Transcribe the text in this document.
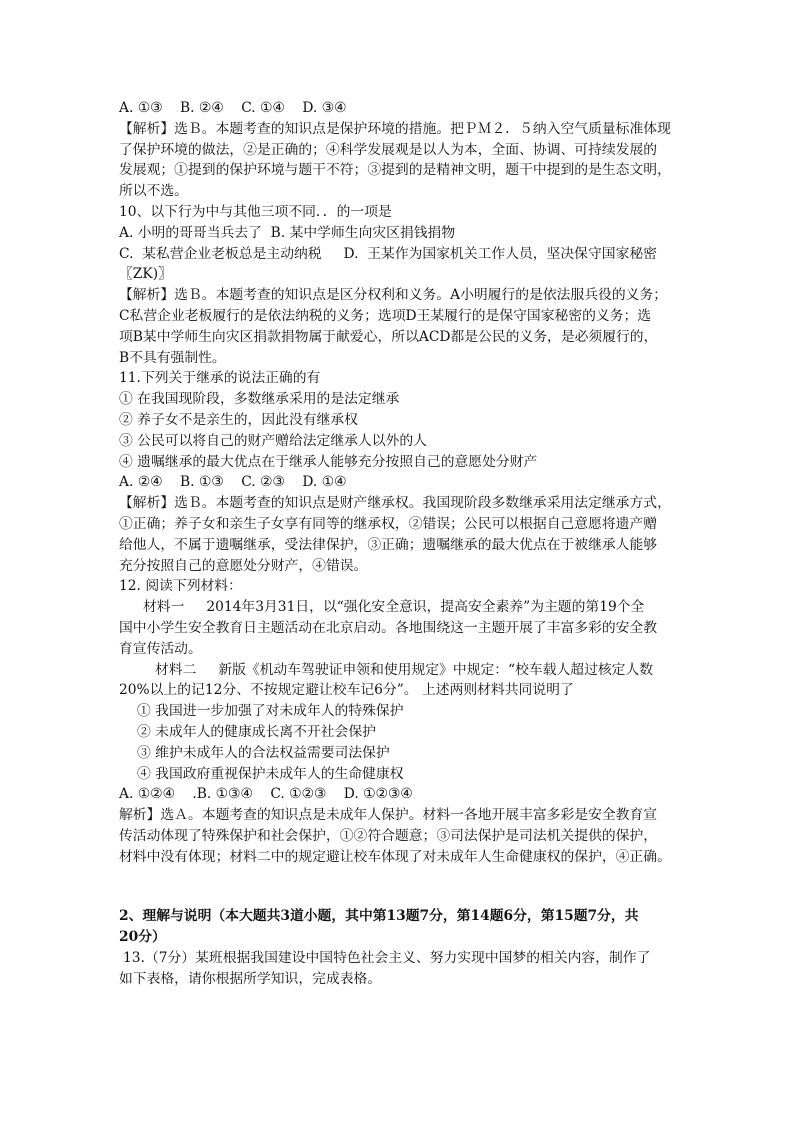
A. ①③    B. ②④    C. ①④    D. ③④
【解析】选Ｂ。本题考查的知识点是保护环境的措施。把ＰＭ２．５纳入空气质量标准体现
了保护环境的做法，②是正确的；④科学发展观是以人为本，全面、协调、可持续发展的
发展观；①提到的保护环境与题干不符；③提到的是精神文明，题干中提到的是生态文明，
所以不选。
10、以下行为中与其他三项不同．．的一项是
A. 小明的哥哥当兵去了  B. 某中学师生向灾区捐钱捐物
C.  某私营企业老板总是主动纳税     D.  王某作为国家机关工作人员，坚决保守国家秘密
〖ZK)〗
【解析】选Ｂ。本题考查的知识点是区分权利和义务。A小明履行的是依法服兵役的义务；
C私营企业老板履行的是依法纳税的义务；选项D王某履行的是保守国家秘密的义务；选
项B某中学师生向灾区捐款捐物属于献爱心，所以ACD都是公民的义务，是必须履行的，
B不具有强制性。
11.下列关于继承的说法正确的有
① 在我国现阶段，多数继承采用的是法定继承
② 养子女不是亲生的，因此没有继承权
③ 公民可以将自己的财产赠给法定继承人以外的人
④ 遗嘱继承的最大优点在于继承人能够充分按照自己的意愿处分财产
A. ②④    B. ①③    C. ②③    D. ①④
【解析】选Ｂ。本题考查的知识点是财产继承权。我国现阶段多数继承采用法定继承方式，
①正确；养子女和亲生子女享有同等的继承权，②错误；公民可以根据自己意愿将遗产赠
给他人，不属于遗嘱继承，受法律保护，③正确；遗嘱继承的最大优点在于被继承人能够
充分按照自己的意愿处分财产，④错误。
12. 阅读下列材料：
材料一     2014年3月31日，以“强化安全意识，提高安全素养”为主题的第19个全
国中小学生安全教育日主题活动在北京启动。各地围绕这一主题开展了丰富多彩的安全教
育宣传活动。
材料二     新版《机动车驾驶证申领和使用规定》中规定：“校车载人超过核定人数
20%以上的记12分、不按规定避让校车记6分”。 上述两则材料共同说明了
① 我国进一步加强了对未成年人的特殊保护
② 未成年人的健康成长离不开社会保护
③ 维护未成年人的合法权益需要司法保护
④ 我国政府重视保护未成年人的生命健康权
A. ①②④    .B. ①③④    C. ①②③    D. ①②③④
解析】选Ａ。本题考查的知识点是未成年人保护。材料一各地开展丰富多彩是安全教育宣
传活动体现了特殊保护和社会保护，①②符合题意；③司法保护是司法机关提供的保护，
材料中没有体现；材料二中的规定避让校车体现了对未成年人生命健康权的保护，④正确。
2、理解与说明（本大题共3道小题，其中第13题7分，第14题6分，第15题7分，共
20分）
13.（7分）某班根据我国建设中国特色社会主义、努力实现中国梦的相关内容，制作了
如下表格，请你根据所学知识，完成表格。
